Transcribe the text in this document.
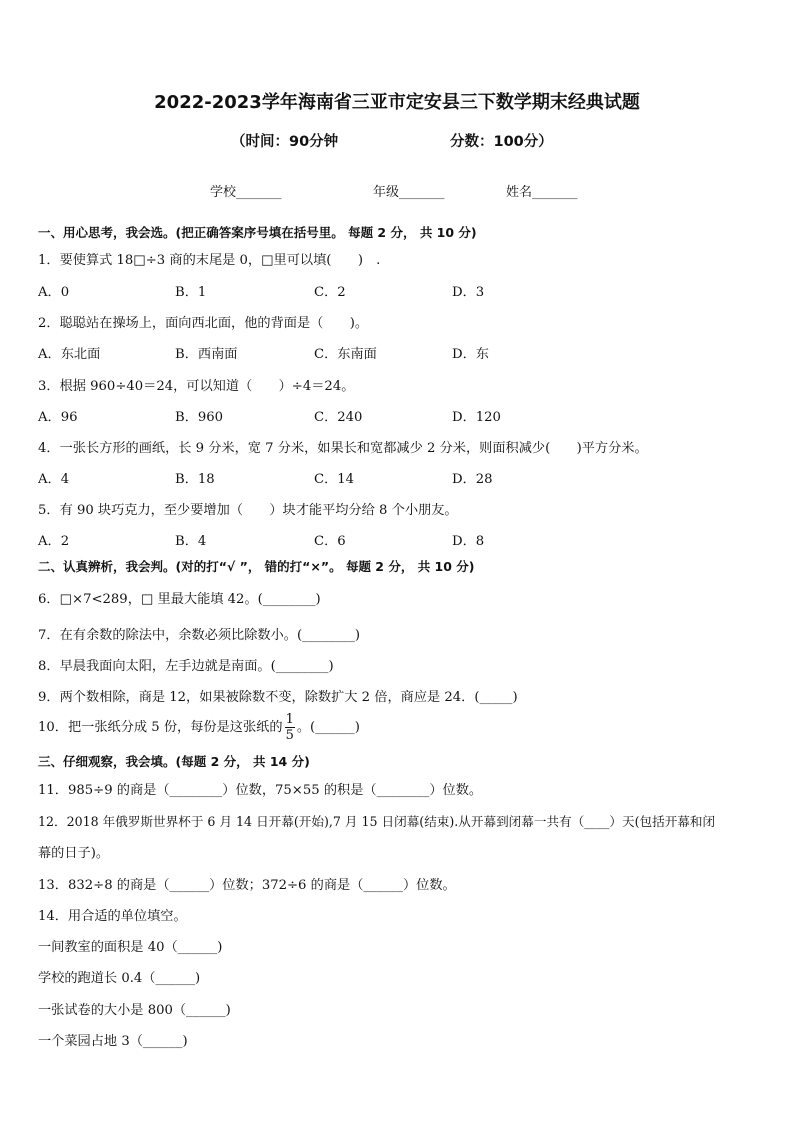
2022-2023学年海南省三亚市定安县三下数学期末经典试题
（时间：90分钟	分数：100分）
学校_______	年级_______	姓名_______
一、用心思考，我会选。(把正确答案序号填在括号里。 每题 2 分， 共 10 分)
1．要使算式 18□÷3 商的末尾是 0，□里可以填(　　)　.
A．0	B．1	C．2	D．3
2．聪聪站在操场上，面向西北面，他的背面是（　　)。
A．东北面	B．西南面	C．东南面	D．东
3．根据 960÷40＝24，可以知道（　　）÷4＝24。
A．96	B．960	C．240	D．120
4．一张长方形的画纸，长 9 分米，宽 7 分米，如果长和宽都减少 2 分米，则面积减少(　　)平方分米。
A．4	B．18	C．14	D．28
5．有 90 块巧克力，至少要增加（　　）块才能平均分给 8 个小朋友。
A．2	B．4	C．6	D．8
二、认真辨析，我会判。(对的打“√ ”， 错的打“×”。 每题 2 分， 共 10 分)
6．□×7<289，□ 里最大能填 42。(________)
7．在有余数的除法中，余数必须比除数小。(________)
8．早晨我面向太阳，左手边就是南面。(________)
9．两个数相除，商是 12，如果被除数不变，除数扩大 2 倍，商应是 24．(_____)
10．把一张纸分成 5 份，每份是这张纸的 $\frac{1}{5}$ 。(______)
三、仔细观察，我会填。(每题 2 分， 共 14 分)
11．985÷9 的商是（________）位数，75×55 的积是（________）位数。
12．2018 年俄罗斯世界杯于 6 月 14 日开幕(开始),7 月 15 日闭幕(结束).从开幕到闭幕一共有（____）天(包括开幕和闭
幕的日子)。
13．832÷8 的商是（______）位数；372÷6 的商是（______）位数。
14．用合适的单位填空。
一间教室的面积是 40（______)
学校的跑道长 0.4（______)
一张试卷的大小是 800（______)
一个菜园占地 3（______)
